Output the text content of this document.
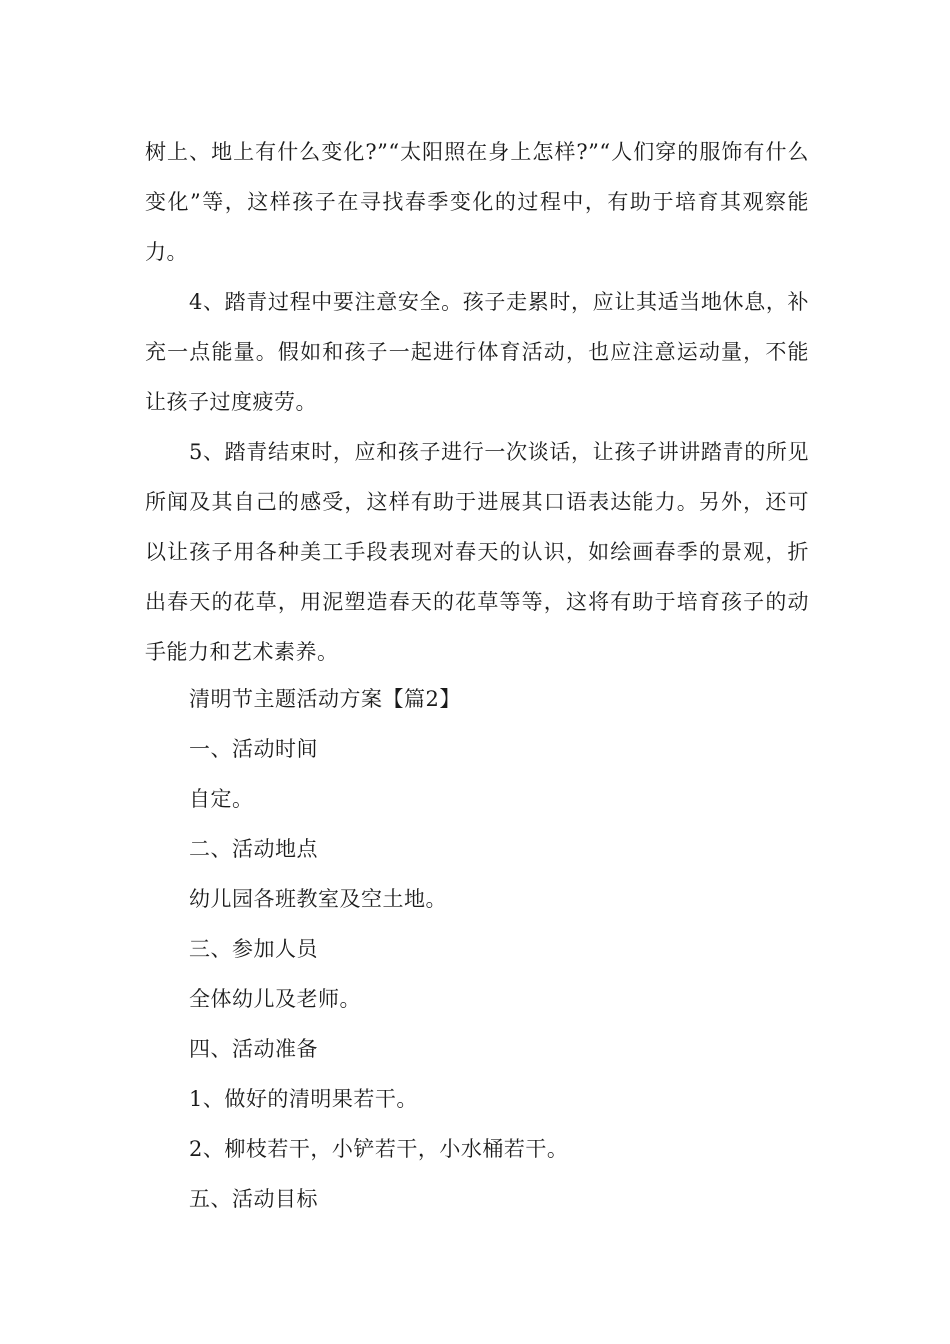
树上、地上有什么变化?”“太阳照在身上怎样?”“人们穿的服饰有什么变化”等，这样孩子在寻找春季变化的过程中，有助于培育其观察能力。

4、踏青过程中要注意安全。孩子走累时，应让其适当地休息，补充一点能量。假如和孩子一起进行体育活动，也应注意运动量，不能让孩子过度疲劳。

5、踏青结束时，应和孩子进行一次谈话，让孩子讲讲踏青的所见所闻及其自己的感受，这样有助于进展其口语表达能力。另外，还可以让孩子用各种美工手段表现对春天的认识，如绘画春季的景观，折出春天的花草，用泥塑造春天的花草等等，这将有助于培育孩子的动手能力和艺术素养。

清明节主题活动方案【篇2】

一、活动时间

自定。

二、活动地点

幼儿园各班教室及空土地。

三、参加人员

全体幼儿及老师。

四、活动准备

1、做好的清明果若干。

2、柳枝若干，小铲若干，小水桶若干。

五、活动目标
